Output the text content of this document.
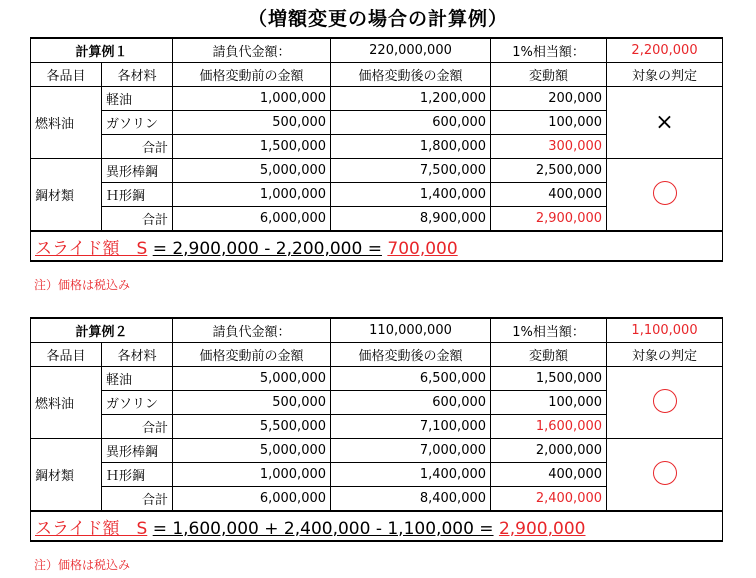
（増額変更の場合の計算例）
計算例１		請負代金額：	220,000,000	1%相当額：	2,200,000
各品目	各材料	価格変動前の金額	価格変動後の金額	変動額	対象の判定
燃料油	軽油	1,000,000	1,200,000	200,000	×
	ガソリン	500,000	600,000	100,000	
	合計	1,500,000	1,800,000	300,000	
鋼材類	異形棒鋼	5,000,000	7,500,000	2,500,000	
	Ｈ形鋼	1,000,000	1,400,000	400,000	
	合計	6,000,000	8,900,000	2,900,000	
スライド額　S = 2,900,000 - 2,200,000 = 700,000					
注）価格は税込み
計算例２		請負代金額：	110,000,000	1%相当額：	1,100,000
各品目	各材料	価格変動前の金額	価格変動後の金額	変動額	対象の判定
燃料油	軽油	5,000,000	6,500,000	1,500,000	
	ガソリン	500,000	600,000	100,000	
	合計	5,500,000	7,100,000	1,600,000	
鋼材類	異形棒鋼	5,000,000	7,000,000	2,000,000	
	Ｈ形鋼	1,000,000	1,400,000	400,000	
	合計	6,000,000	8,400,000	2,400,000	
スライド額　S = 1,600,000 + 2,400,000 - 1,100,000 = 2,900,000					
注）価格は税込み
